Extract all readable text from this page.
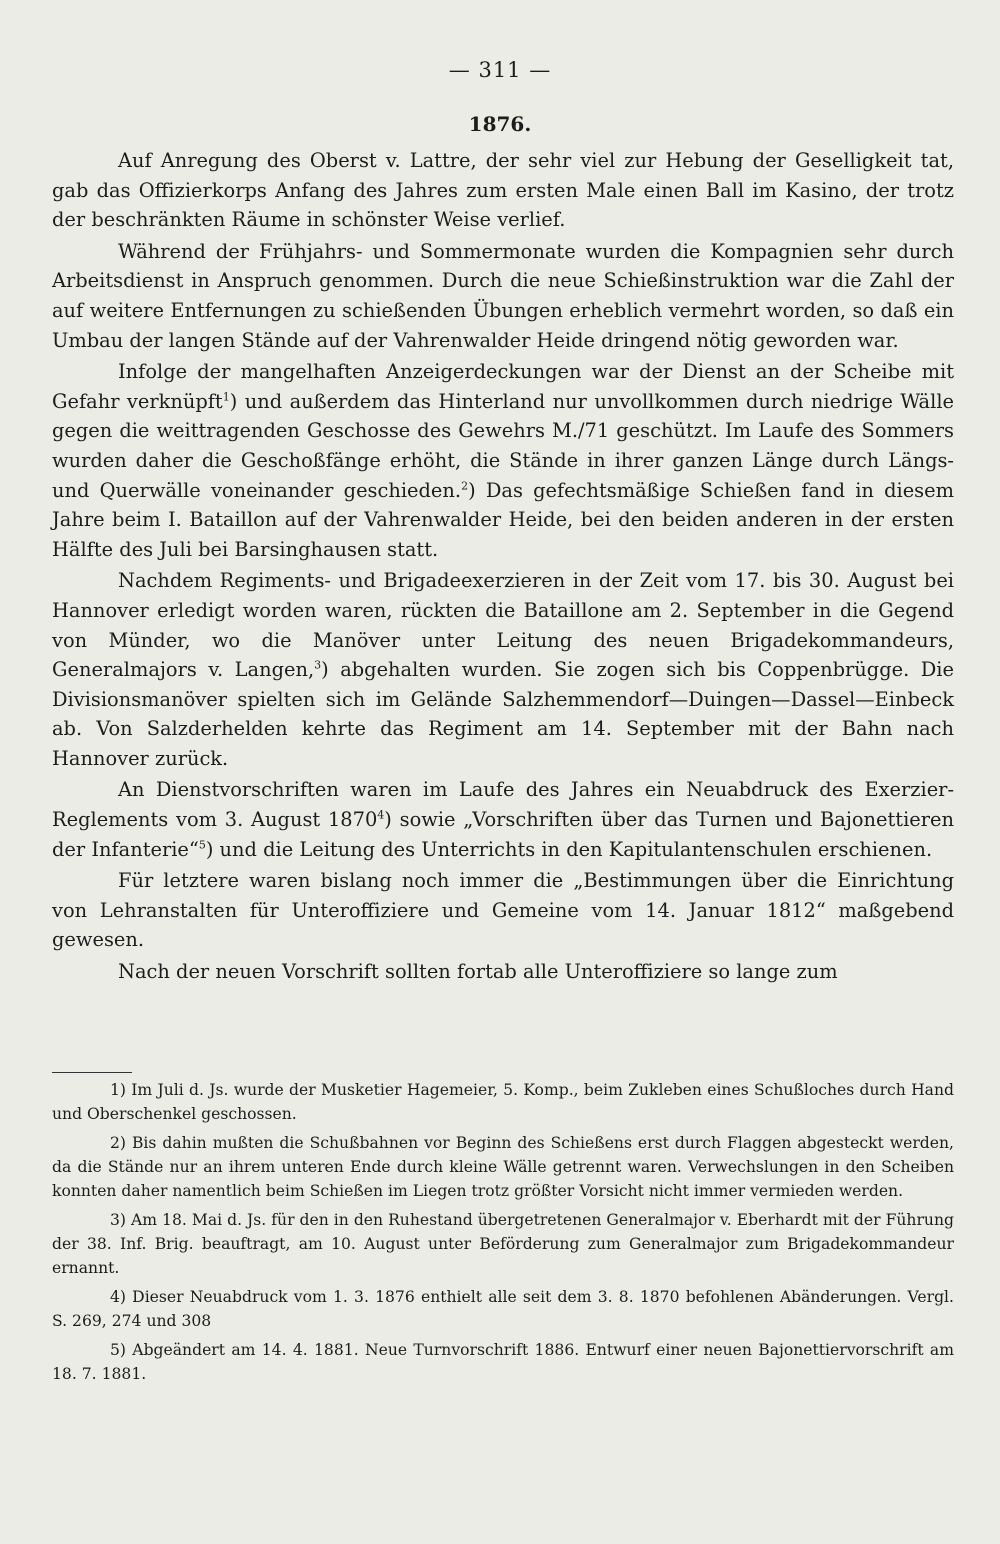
— 311 —
1876.

Auf Anregung des Oberst v. Lattre, der sehr viel zur Hebung der Geselligkeit tat, gab das Offizierkorps Anfang des Jahres zum ersten Male einen Ball im Kasino, der trotz der beschränkten Räume in schönster Weise verlief.

Während der Frühjahrs- und Sommermonate wurden die Kompagnien sehr durch Arbeitsdienst in Anspruch genommen. Durch die neue Schießinstruktion war die Zahl der auf weitere Entfernungen zu schießenden Übungen erheblich vermehrt worden, so daß ein Umbau der langen Stände auf der Vahrenwalder Heide dringend nötig geworden war.

Infolge der mangelhaften Anzeigerdeckungen war der Dienst an der Scheibe mit Gefahr verknüpft$^1$) und außerdem das Hinterland nur unvollkommen durch niedrige Wälle gegen die weittragenden Geschosse des Gewehrs M./71 geschützt. Im Laufe des Sommers wurden daher die Geschoßfänge erhöht, die Stände in ihrer ganzen Länge durch Längs- und Querwälle voneinander geschieden.$^2$) Das gefechtsmäßige Schießen fand in diesem Jahre beim I. Bataillon auf der Vahrenwalder Heide, bei den beiden anderen in der ersten Hälfte des Juli bei Barsinghausen statt.

Nachdem Regiments- und Brigadeexerzieren in der Zeit vom 17. bis 30. August bei Hannover erledigt worden waren, rückten die Bataillone am 2. September in die Gegend von Münder, wo die Manöver unter Leitung des neuen Brigadekommandeurs, Generalmajors v. Langen,$^3$) abgehalten wurden. Sie zogen sich bis Coppenbrügge. Die Divisionsmanöver spielten sich im Gelände Salzhemmendorf—Duingen—Dassel—Einbeck ab. Von Salzderhelden kehrte das Regiment am 14. September mit der Bahn nach Hannover zurück.

An Dienstvorschriften waren im Laufe des Jahres ein Neuabdruck des Exerzier-Reglements vom 3. August 1870$^4$) sowie „Vorschriften über das Turnen und Bajonettieren der Infanterie“$^5$) und die Leitung des Unterrichts in den Kapitulantenschulen erschienen.

Für letztere waren bislang noch immer die „Bestimmungen über die Einrichtung von Lehranstalten für Unteroffiziere und Gemeine vom 14. Januar 1812“ maßgebend gewesen.

Nach der neuen Vorschrift sollten fortab alle Unteroffiziere so lange zum

1) Im Juli d. Js. wurde der Musketier Hagemeier, 5. Komp., beim Zukleben eines Schußloches durch Hand und Oberschenkel geschossen.

2) Bis dahin mußten die Schußbahnen vor Beginn des Schießens erst durch Flaggen abgesteckt werden, da die Stände nur an ihrem unteren Ende durch kleine Wälle getrennt waren. Verwechslungen in den Scheiben konnten daher namentlich beim Schießen im Liegen trotz größter Vorsicht nicht immer vermieden werden.

3) Am 18. Mai d. Js. für den in den Ruhestand übergetretenen Generalmajor v. Eberhardt mit der Führung der 38. Inf. Brig. beauftragt, am 10. August unter Beförderung zum Generalmajor zum Brigadekommandeur ernannt.

4) Dieser Neuabdruck vom 1. 3. 1876 enthielt alle seit dem 3. 8. 1870 befohlenen Abänderungen. Vergl. S. 269, 274 und 308

5) Abgeändert am 14. 4. 1881. Neue Turnvorschrift 1886. Entwurf einer neuen Bajonettiervorschrift am 18. 7. 1881.
